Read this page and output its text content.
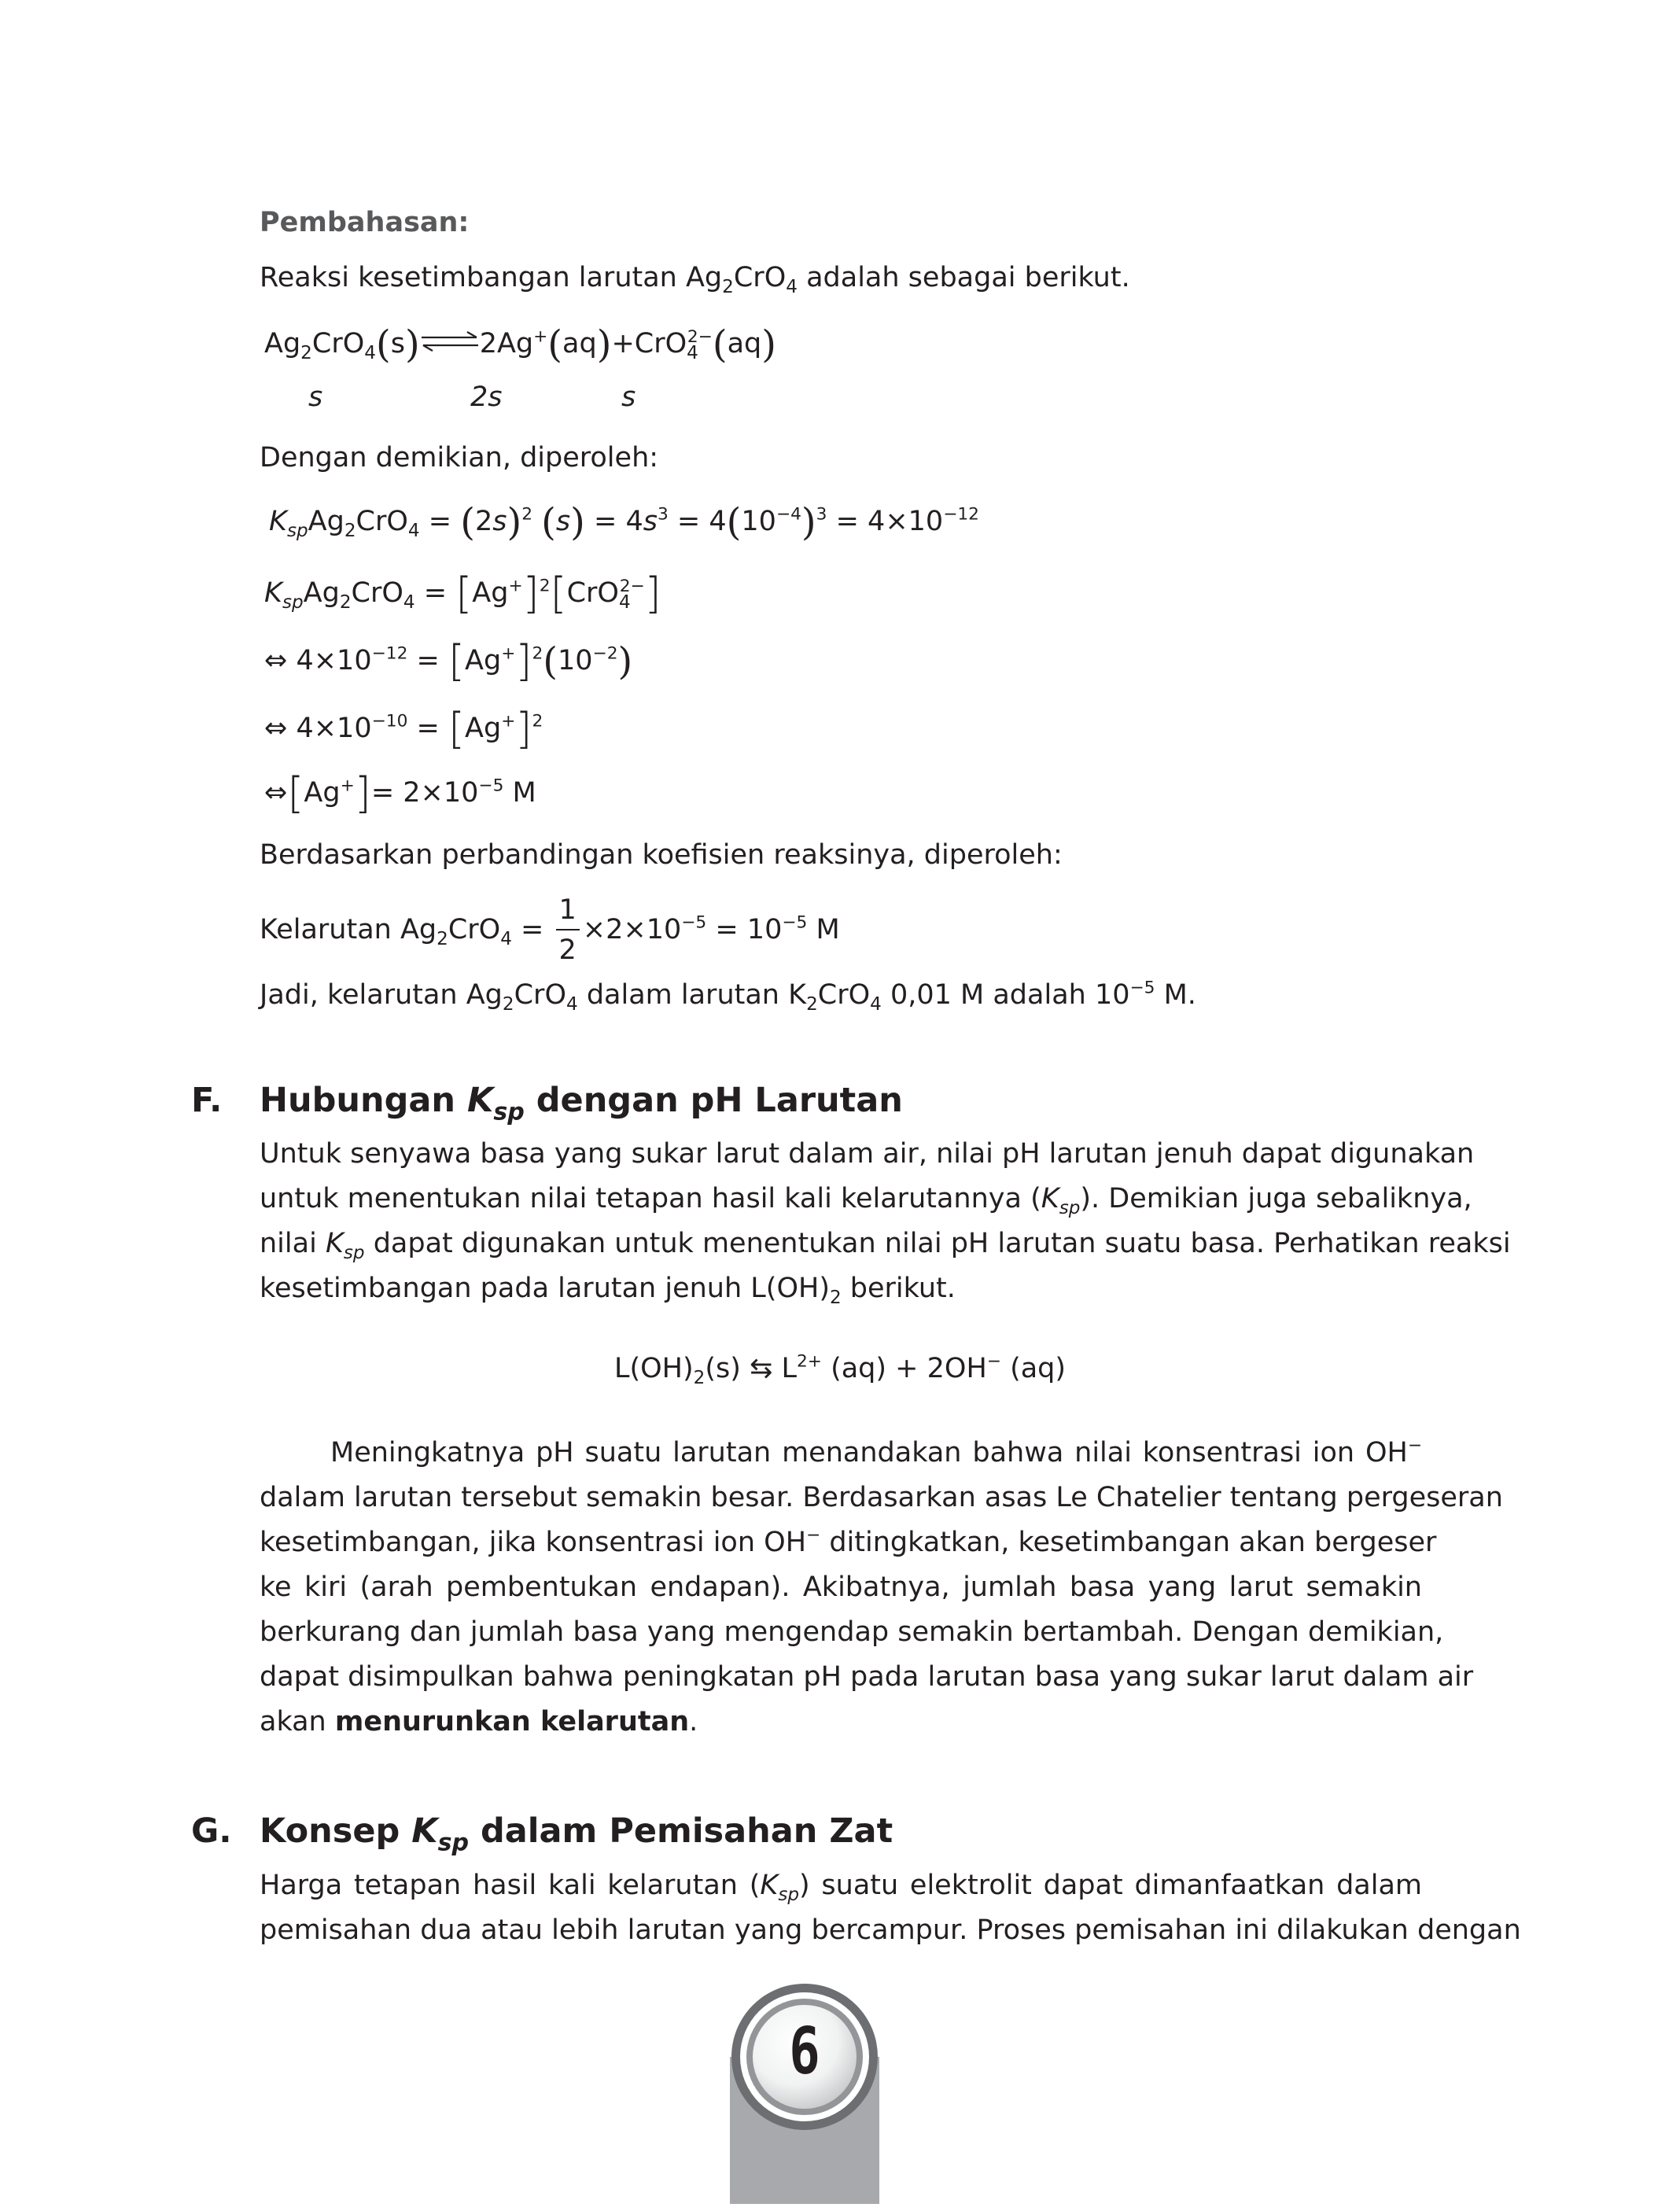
Pembahasan:
Reaksi kesetimbangan larutan $Ag_2CrO_4$ adalah sebagai berikut.
$Ag_2CrO_4(s)\rightleftharpoons 2Ag^+(aq)+CrO_4^{2-}(aq)$
s	2s	s
Dengan demikian, diperoleh:
$K_{sp}Ag_2CrO_4 = (2s)^2$ $(s) = 4s^3 = 4(10^{-4})^3 = 4\times 10^{-12}$
$K_{sp}Ag_2CrO_4 = [Ag^+]^2[CrO_4^{2-}]$
⇔ $4\times 10^{-12} = [Ag^+]^2(10^{-2})$
⇔ $4\times 10^{-10} = [Ag^+]^2$
⇔[Ag+]= $2\times 10^{-5}$ M
Berdasarkan perbandingan koefisien reaksinya, diperoleh:
Kelarutan $Ag_2CrO_4 = \frac{1}{2} \times 2\times 10^{-5} = 10^{-5}$ M
Jadi, kelarutan $Ag_2CrO_4$ dalam larutan $K_2CrO_4$ 0,01 M adalah $10^{-5}$ M.
F. Hubungan $K_{sp}$ dengan pH Larutan
Untuk senyawa basa yang sukar larut dalam air, nilai pH larutan jenuh dapat digunakan
untuk menentukan nilai tetapan hasil kali kelarutannya $(K_{sp})$. Demikian juga sebaliknya,
nilai $K_{sp}$ dapat digunakan untuk menentukan nilai pH larutan suatu basa. Perhatikan reaksi
kesetimbangan pada larutan jenuh $L(OH)_2$ berikut.
$L(OH)_2(s)$ ⇆ $L^{2+}$ (aq) + 2OH− (aq)
Meningkatnya pH suatu larutan menandakan bahwa nilai konsentrasi ion OH−
dalam larutan tersebut semakin besar. Berdasarkan asas Le Chatelier tentang pergeseran
kesetimbangan, jika konsentrasi ion OH− ditingkatkan, kesetimbangan akan bergeser
ke kiri (arah pembentukan endapan). Akibatnya, jumlah basa yang larut semakin
berkurang dan jumlah basa yang mengendap semakin bertambah. Dengan demikian,
dapat disimpulkan bahwa peningkatan pH pada larutan basa yang sukar larut dalam air
akan menurunkan kelarutan.
G. Konsep $K_{sp}$ dalam Pemisahan Zat
Harga tetapan hasil kali kelarutan $(K_{sp})$ suatu elektrolit dapat dimanfaatkan dalam
pemisahan dua atau lebih larutan yang bercampur. Proses pemisahan ini dilakukan dengan
6
